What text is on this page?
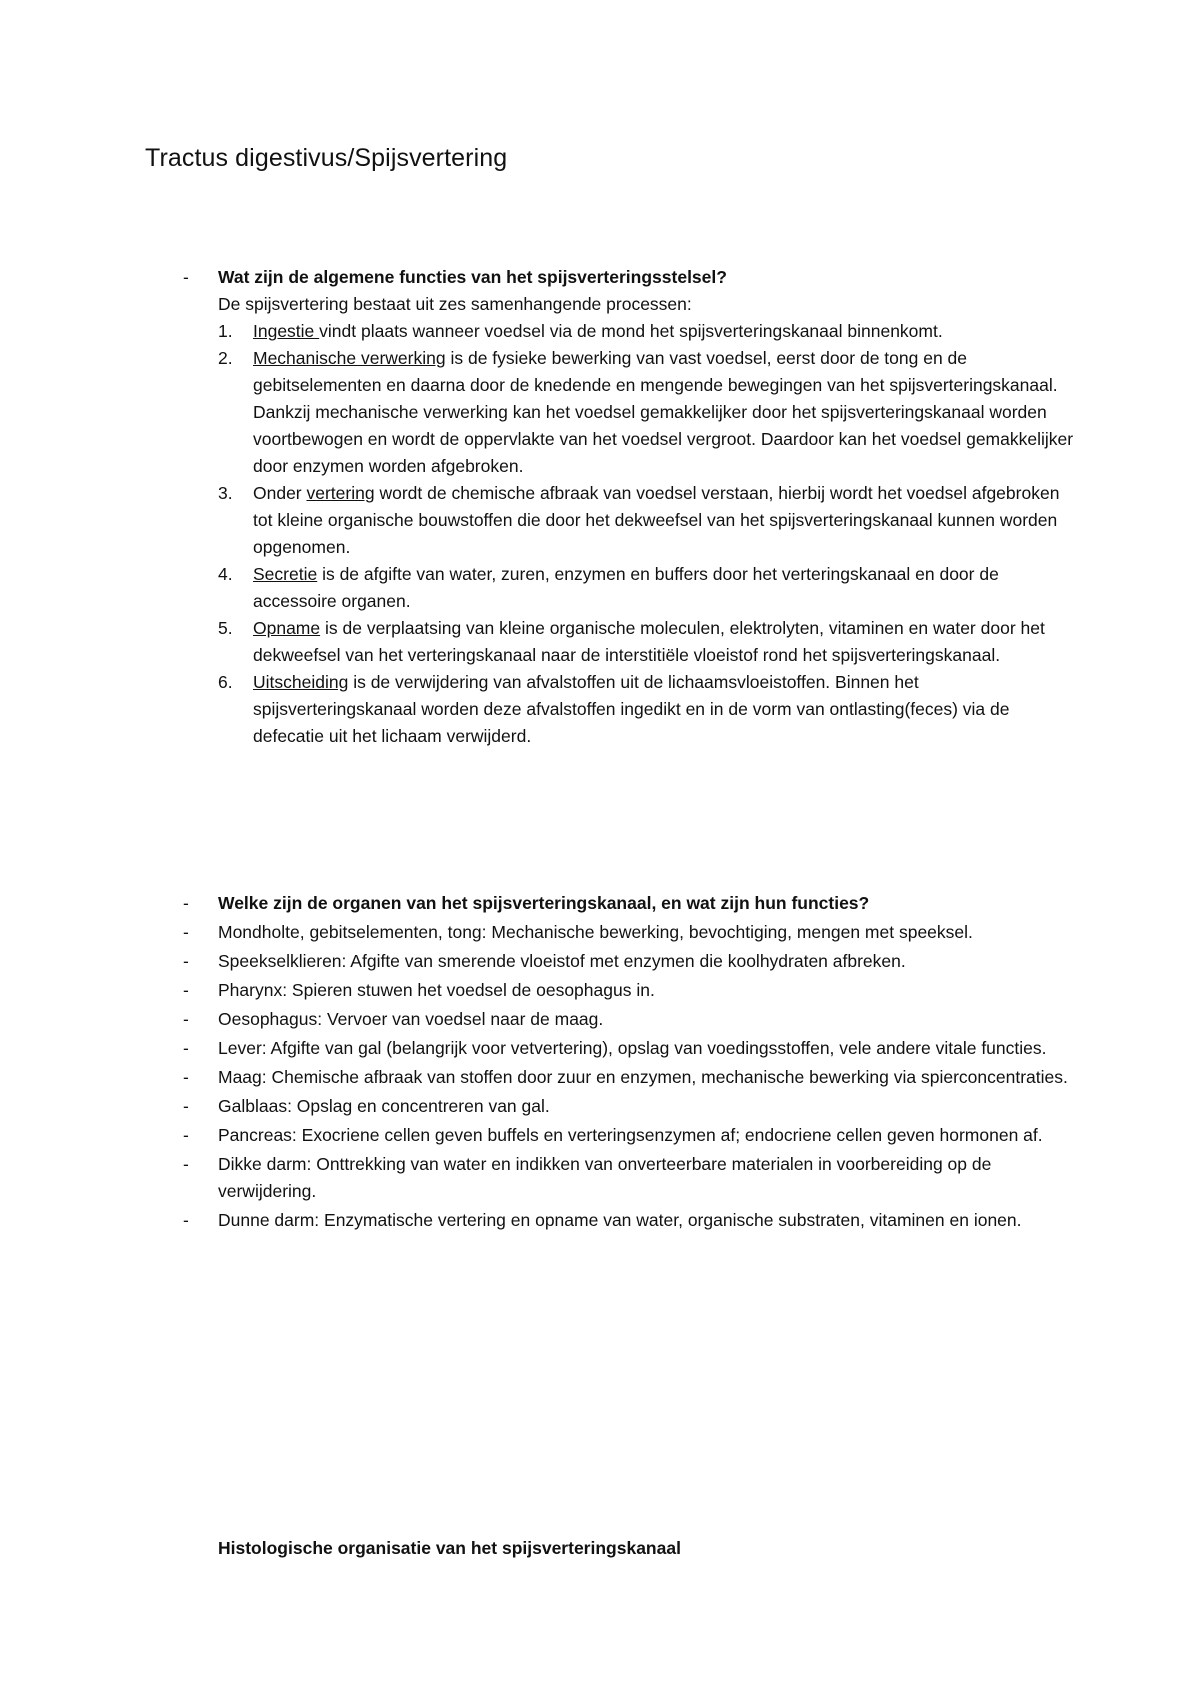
Tractus digestivus/Spijsvertering
-	Wat zijn de algemene functies van het spijsverteringsstelsel?
De spijsvertering bestaat uit zes samenhangende processen:
1. Ingestie vindt plaats wanneer voedsel via de mond het spijsverteringskanaal binnenkomt.
2. Mechanische verwerking is de fysieke bewerking van vast voedsel, eerst door de tong en de gebitselementen en daarna door de knedende en mengende bewegingen van het spijsverteringskanaal. Dankzij mechanische verwerking kan het voedsel gemakkelijker door het spijsverteringskanaal worden voortbewogen en wordt de oppervlakte van het voedsel vergroot. Daardoor kan het voedsel gemakkelijker door enzymen worden afgebroken.
3. Onder vertering wordt de chemische afbraak van voedsel verstaan, hierbij wordt het voedsel afgebroken tot kleine organische bouwstoffen die door het dekweefsel van het spijsverteringskanaal kunnen worden opgenomen.
4. Secretie is de afgifte van water, zuren, enzymen en buffers door het verteringskanaal en door de accessoire organen.
5. Opname is de verplaatsing van kleine organische moleculen, elektrolyten, vitaminen en water door het dekweefsel van het verteringskanaal naar de interstitiële vloeistof rond het spijsverteringskanaal.
6. Uitscheiding is de verwijdering van afvalstoffen uit de lichaamsvloeistoffen. Binnen het spijsverteringskanaal worden deze afvalstoffen ingedikt en in de vorm van ontlasting(feces) via de defecatie uit het lichaam verwijderd.
-	Welke zijn de organen van het spijsverteringskanaal, en wat zijn hun functies?
-	Mondholte, gebitselementen, tong: Mechanische bewerking, bevochtiging, mengen met speeksel.
-	Speekselklieren: Afgifte van smerende vloeistof met enzymen die koolhydraten afbreken.
-	Pharynx: Spieren stuwen het voedsel de oesophagus in.
-	Oesophagus: Vervoer van voedsel naar de maag.
-	Lever: Afgifte van gal (belangrijk voor vetvertering), opslag van voedingsstoffen, vele andere vitale functies.
-	Maag: Chemische afbraak van stoffen door zuur en enzymen, mechanische bewerking via spierconcentraties.
-	Galblaas: Opslag en concentreren van gal.
-	Pancreas: Exocriene cellen geven buffels en verteringsenzymen af; endocriene cellen geven hormonen af.
-	Dikke darm: Onttrekking van water en indikken van onverteerbare materialen in voorbereiding op de verwijdering.
-	Dunne darm: Enzymatische vertering en opname van water, organische substraten, vitaminen en ionen.
Histologische organisatie van het spijsverteringskanaal
